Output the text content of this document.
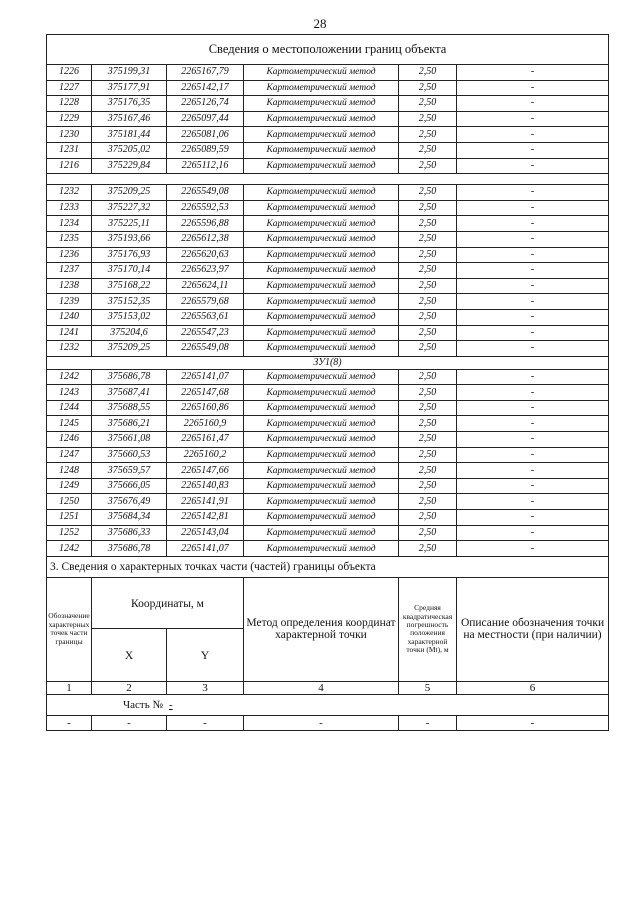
28
Сведения о местоположении границ объекта					
1226	375199,31	2265167,79	Картометрический метод	2,50	-
1227	375177,91	2265142,17	Картометрический метод	2,50	-
1228	375176,35	2265126,74	Картометрический метод	2,50	-
1229	375167,46	2265097,44	Картометрический метод	2,50	-
1230	375181,44	2265081,06	Картометрический метод	2,50	-
1231	375205,02	2265089,59	Картометрический метод	2,50	-
1216	375229,84	2265112,16	Картометрический метод	2,50	-

1232	375209,25	2265549,08	Картометрический метод	2,50	-
1233	375227,32	2265592,53	Картометрический метод	2,50	-
1234	375225,11	2265596,88	Картометрический метод	2,50	-
1235	375193,66	2265612,38	Картометрический метод	2,50	-
1236	375176,93	2265620,63	Картометрический метод	2,50	-
1237	375170,14	2265623,97	Картометрический метод	2,50	-
1238	375168,22	2265624,11	Картометрический метод	2,50	-
1239	375152,35	2265579,68	Картометрический метод	2,50	-
1240	375153,02	2265563,61	Картометрический метод	2,50	-
1241	375204,6	2265547,23	Картометрический метод	2,50	-
1232	375209,25	2265549,08	Картометрический метод	2,50	-
ЗУ1(8)					
1242	375686,78	2265141,07	Картометрический метод	2,50	-
1243	375687,41	2265147,68	Картометрический метод	2,50	-
1244	375688,55	2265160,86	Картометрический метод	2,50	-
1245	375686,21	2265160,9	Картометрический метод	2,50	-
1246	375661,08	2265161,47	Картометрический метод	2,50	-
1247	375660,53	2265160,2	Картометрический метод	2,50	-
1248	375659,57	2265147,66	Картометрический метод	2,50	-
1249	375666,05	2265140,83	Картометрический метод	2,50	-
1250	375676,49	2265141,91	Картометрический метод	2,50	-
1251	375684,34	2265142,81	Картометрический метод	2,50	-
1252	375686,33	2265143,04	Картометрический метод	2,50	-
1242	375686,78	2265141,07	Картометрический метод	2,50	-
3. Сведения о характерных точках части (частей) границы объекта					

Обозначение характерных точек части границы	Координаты, м		Метод определения координат характерной точки	Средняя квадратическая погрешность положения характерной точки (Mt), м	Описание обозначения точки на местности (при наличии)

	X	Y			
1	2	3	4	5	6
Часть № -					
-	-	-	-	-	-
